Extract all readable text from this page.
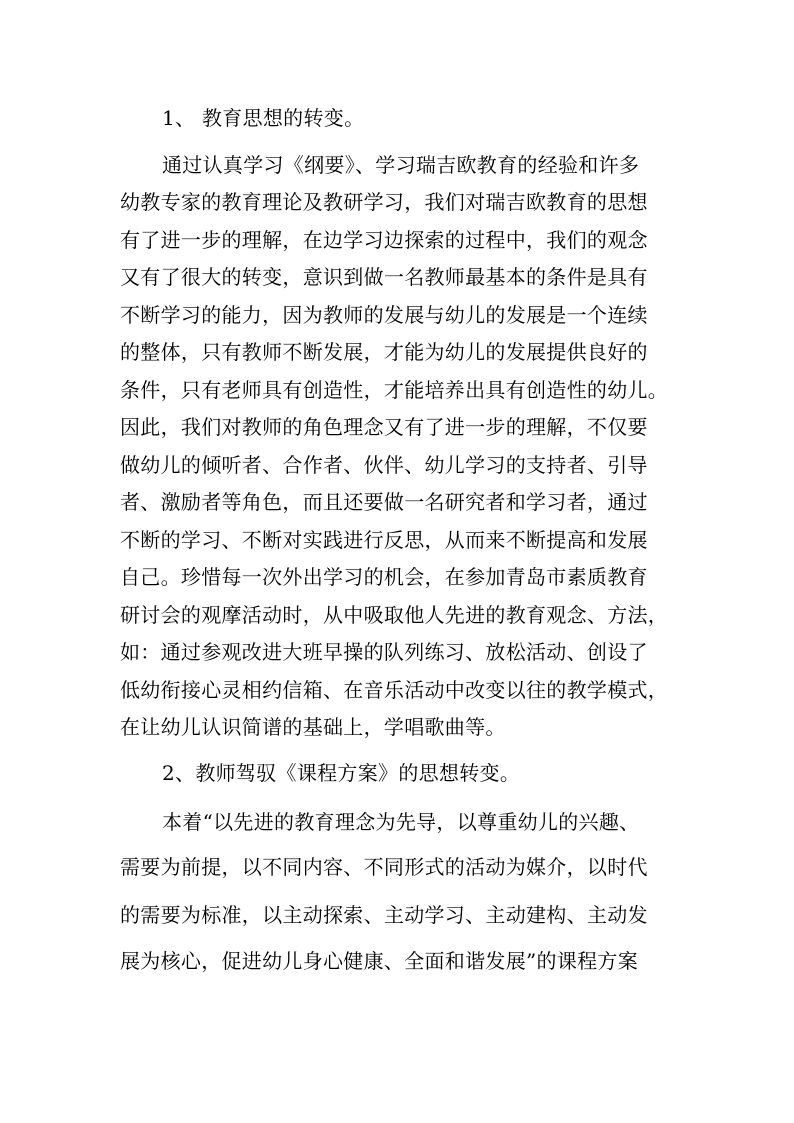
1、 教育思想的转变。
通过认真学习《纲要》、学习瑞吉欧教育的经验和许多
幼教专家的教育理论及教研学习，我们对瑞吉欧教育的思想
有了进一步的理解，在边学习边探索的过程中，我们的观念
又有了很大的转变，意识到做一名教师最基本的条件是具有
不断学习的能力，因为教师的发展与幼儿的发展是一个连续
的整体，只有教师不断发展，才能为幼儿的发展提供良好的
条件，只有老师具有创造性，才能培养出具有创造性的幼儿。
因此，我们对教师的角色理念又有了进一步的理解，不仅要
做幼儿的倾听者、合作者、伙伴、幼儿学习的支持者、引导
者、激励者等角色，而且还要做一名研究者和学习者，通过
不断的学习、不断对实践进行反思，从而来不断提高和发展
自己。珍惜每一次外出学习的机会，在参加青岛市素质教育
研讨会的观摩活动时，从中吸取他人先进的教育观念、方法，
如：通过参观改进大班早操的队列练习、放松活动、创设了
低幼衔接心灵相约信箱、在音乐活动中改变以往的教学模式，
在让幼儿认识简谱的基础上，学唱歌曲等。
2、教师驾驭《课程方案》的思想转变。
本着“以先进的教育理念为先导，以尊重幼儿的兴趣、
需要为前提，以不同内容、不同形式的活动为媒介，以时代
的需要为标准，以主动探索、主动学习、主动建构、主动发
展为核心，促进幼儿身心健康、全面和谐发展”的课程方案
